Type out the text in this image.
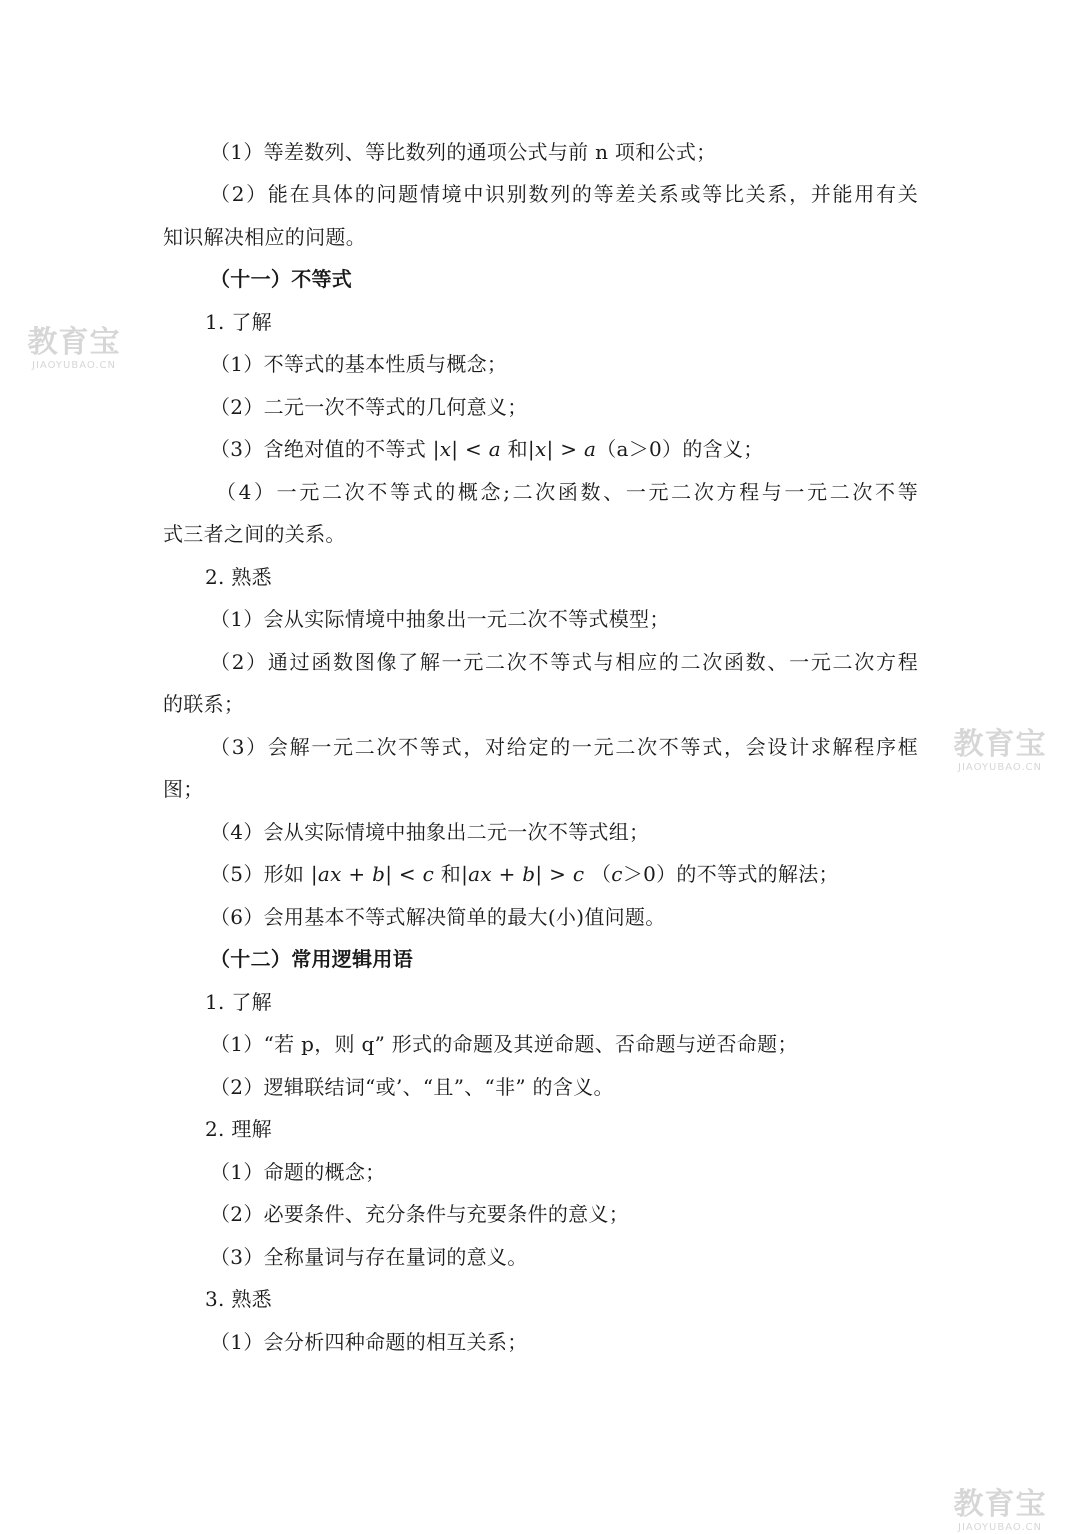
教育宝
JIAOYUBAO.CN
教育宝
JIAOYUBAO.CN
教育宝
JIAOYUBAO.CN
（1）等差数列、等比数列的通项公式与前 n 项和公式；
（2）能在具体的问题情境中识别数列的等差关系或等比关系，并能用有关
知识解决相应的问题。
（十一）不等式
1. 了解
（1）不等式的基本性质与概念；
（2）二元一次不等式的几何意义；
（3）含绝对值的不等式 |x| < a 和|x| > a（a＞0）的含义；
（4）一元二次不等式的概念;二次函数、一元二次方程与一元二次不等
式三者之间的关系。
2. 熟悉
（1）会从实际情境中抽象出一元二次不等式模型；
（2）通过函数图像了解一元二次不等式与相应的二次函数、一元二次方程
的联系；
（3）会解一元二次不等式，对给定的一元二次不等式，会设计求解程序框
图；
（4）会从实际情境中抽象出二元一次不等式组；
（5）形如 |ax + b| < c 和|ax + b| > c （c＞0）的不等式的解法；
（6）会用基本不等式解决简单的最大(小)值问题。
（十二）常用逻辑用语
1. 了解
（1）“若 p，则 q” 形式的命题及其逆命题、否命题与逆否命题；
（2）逻辑联结词“或’、“且”、“非” 的含义。
2. 理解
（1）命题的概念；
（2）必要条件、充分条件与充要条件的意义；
（3）全称量词与存在量词的意义。
3. 熟悉
（1）会分析四种命题的相互关系；
